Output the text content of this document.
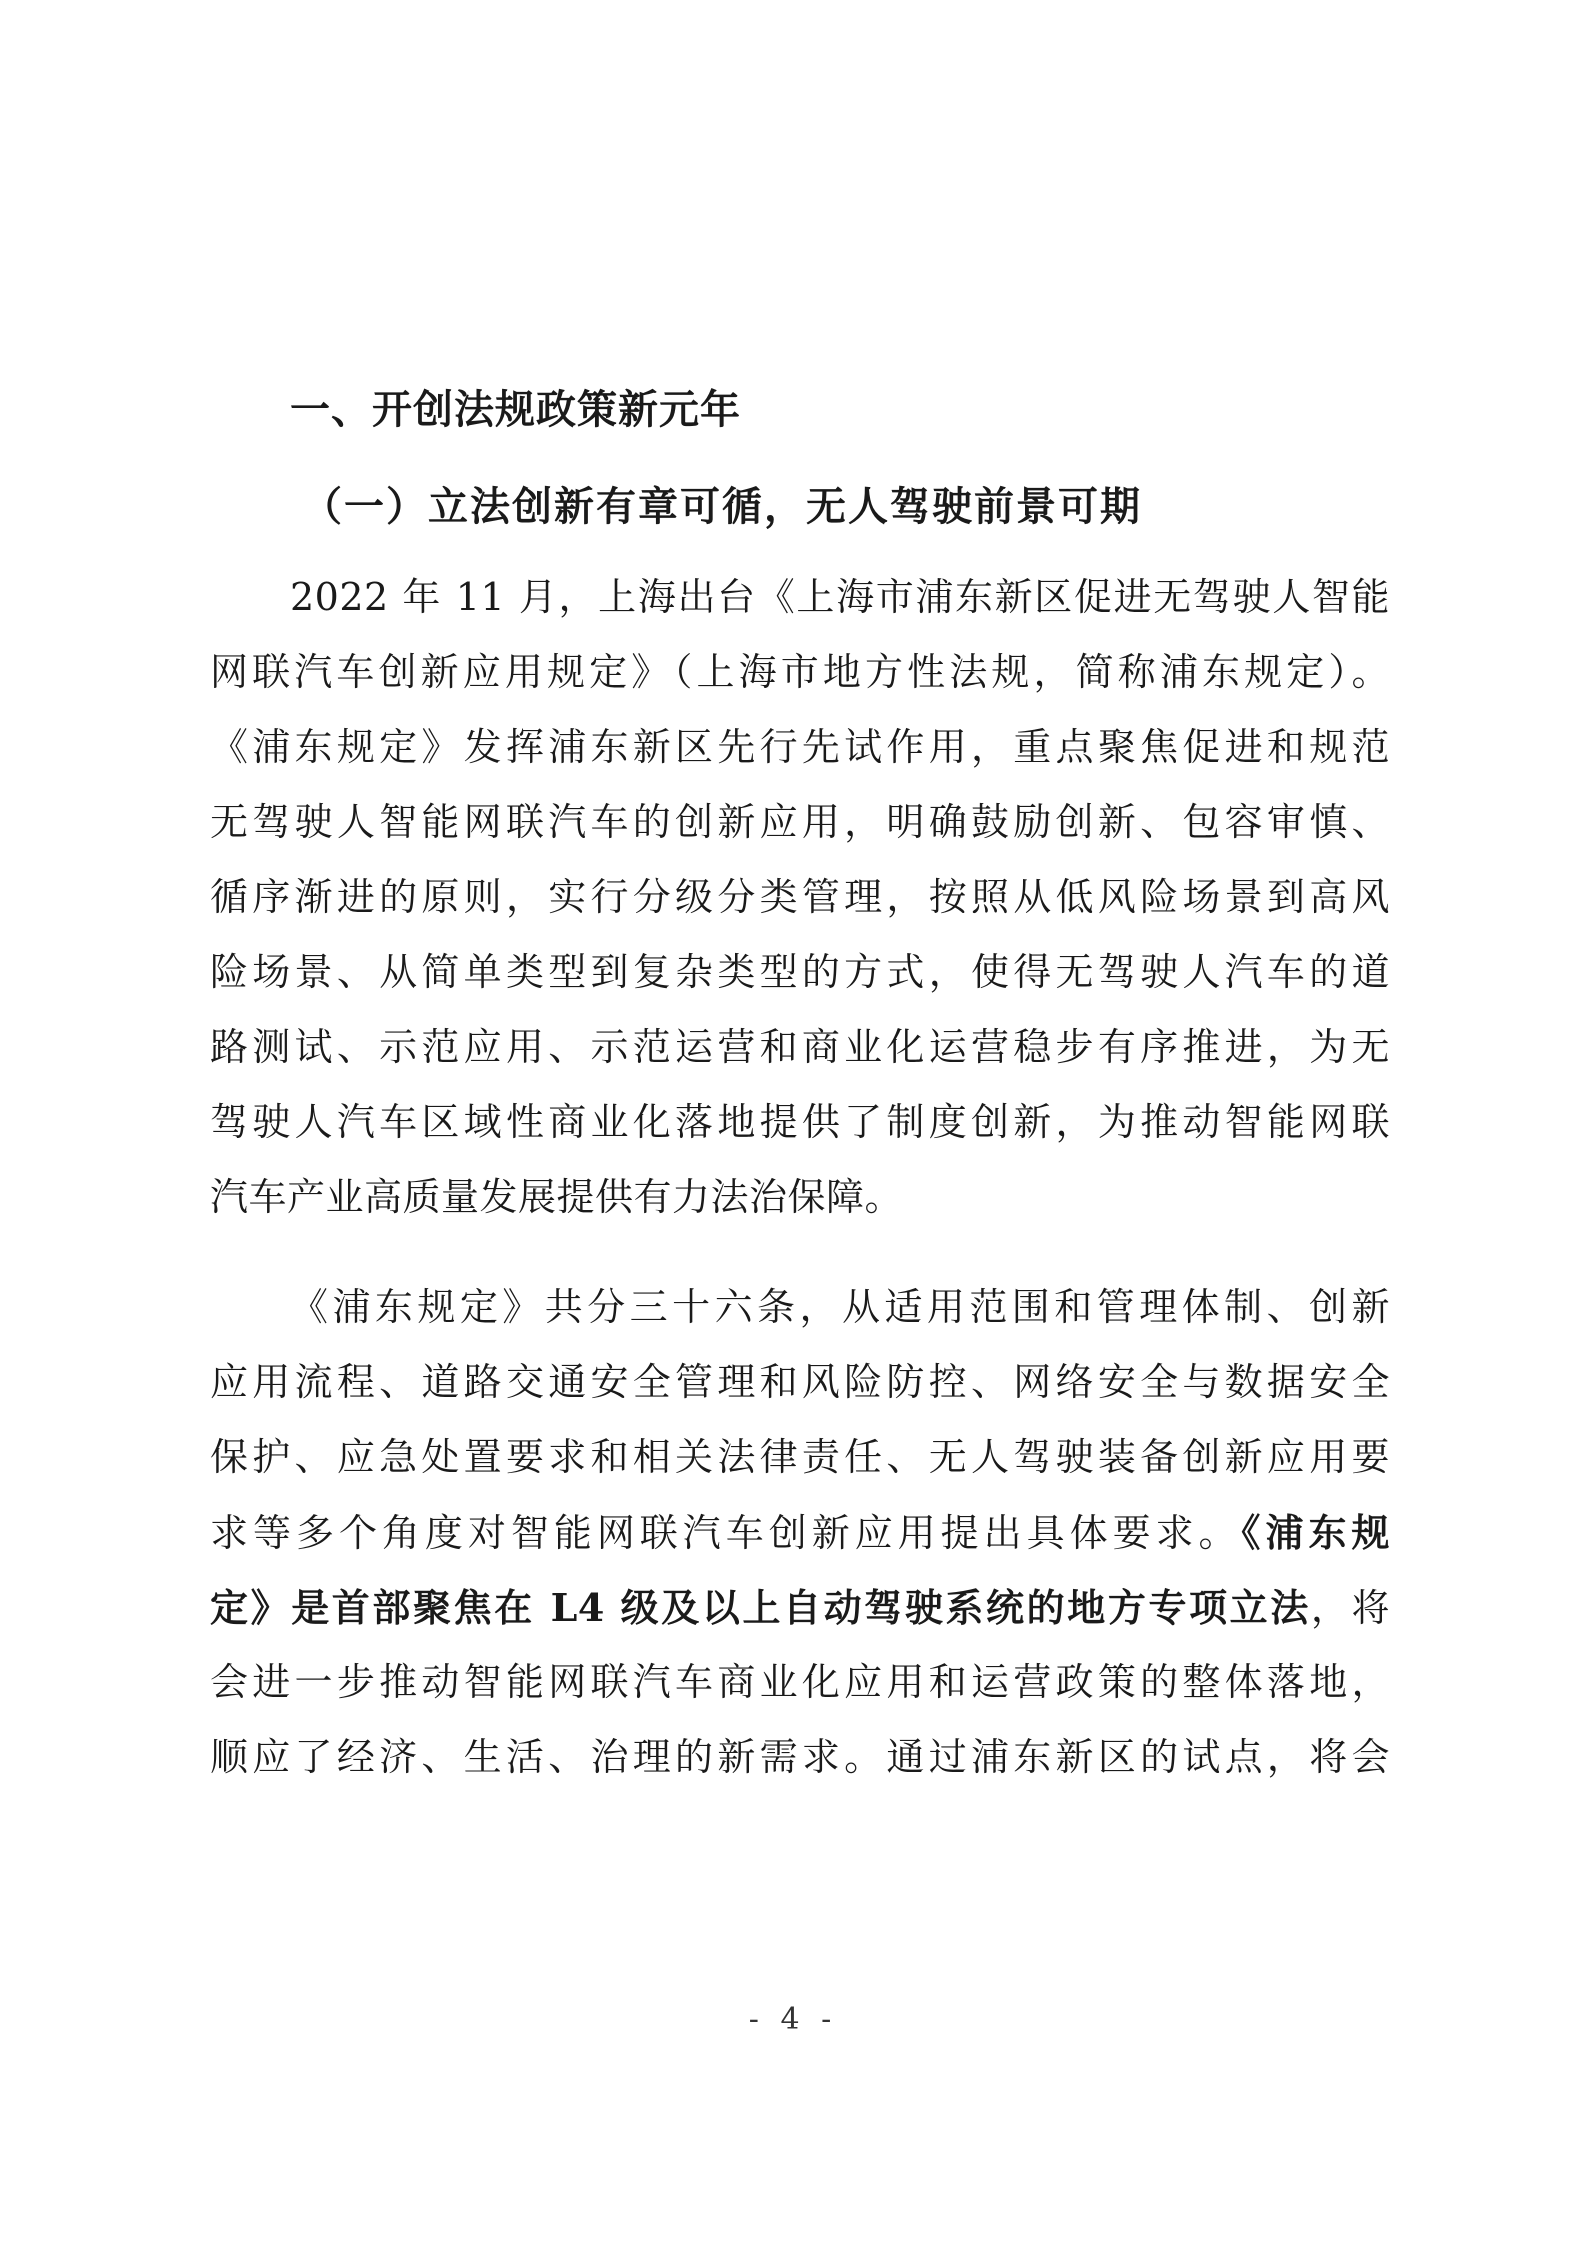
一、开创法规政策新元年
（一）立法创新有章可循，无人驾驶前景可期
2022 年 11 月，上海出台《上海市浦东新区促进无驾驶人智能
网联汽车创新应用规定》（上海市地方性法规，简称浦东规定）。
《浦东规定》发挥浦东新区先行先试作用，重点聚焦促进和规范
无驾驶人智能网联汽车的创新应用，明确鼓励创新、包容审慎、
循序渐进的原则，实行分级分类管理，按照从低风险场景到高风
险场景、从简单类型到复杂类型的方式，使得无驾驶人汽车的道
路测试、示范应用、示范运营和商业化运营稳步有序推进，为无
驾驶人汽车区域性商业化落地提供了制度创新，为推动智能网联
汽车产业高质量发展提供有力法治保障。
《浦东规定》共分三十六条，从适用范围和管理体制、创新
应用流程、道路交通安全管理和风险防控、网络安全与数据安全
保护、应急处置要求和相关法律责任、无人驾驶装备创新应用要
求等多个角度对智能网联汽车创新应用提出具体要求。《浦东规
定》是首部聚焦在 L4 级及以上自动驾驶系统的地方专项立法，将
会进一步推动智能网联汽车商业化应用和运营政策的整体落地，
顺应了经济、生活、治理的新需求。通过浦东新区的试点，将会
- 4 -
